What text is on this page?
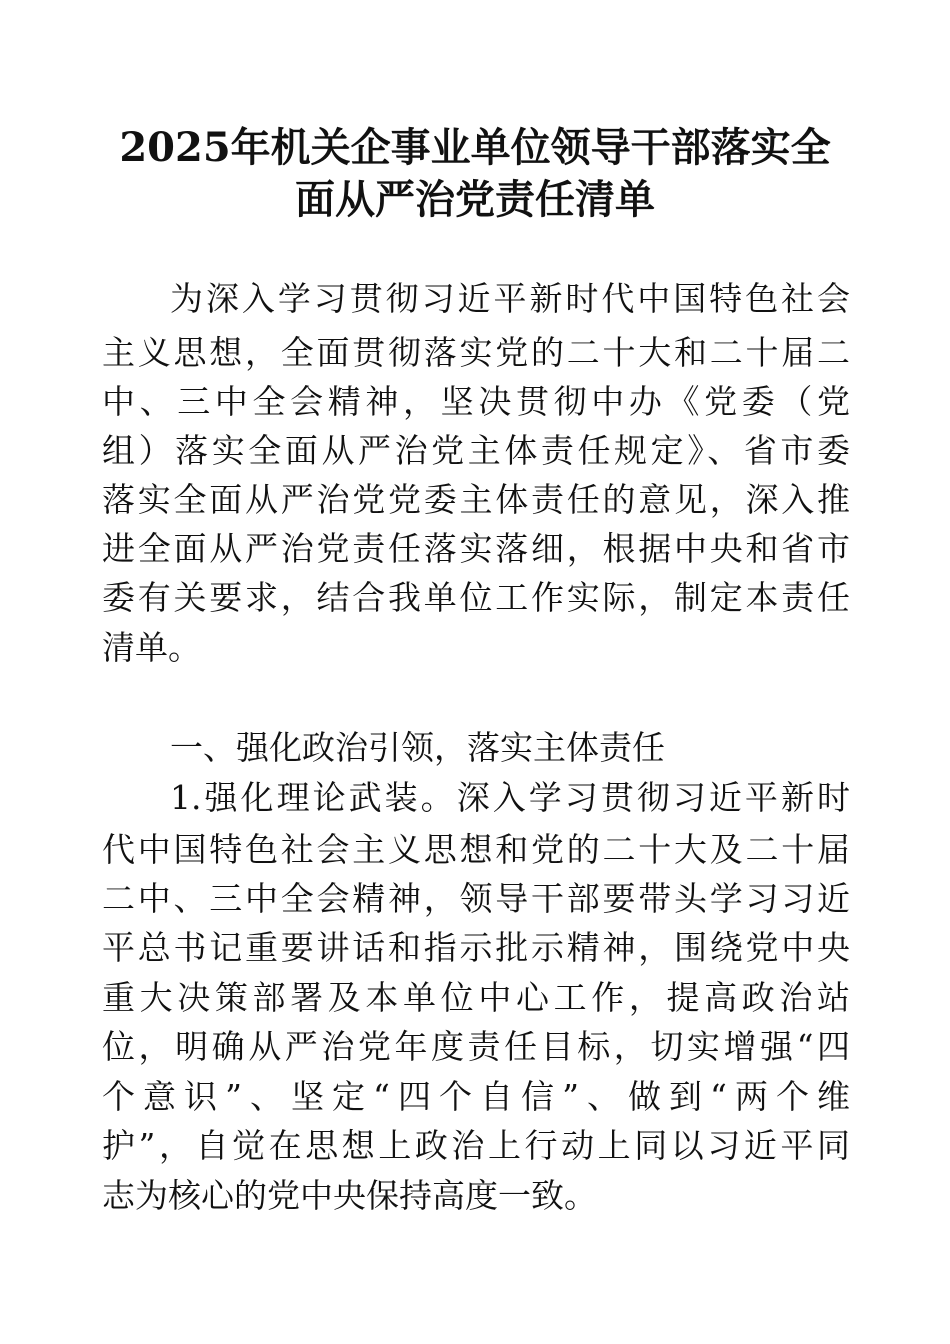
2025年机关企事业单位领导干部落实全
面从严治党责任清单

为深入学习贯彻习近平新时代中国特色社会

主义思想，全面贯彻落实党的二十大和二十届二

中、三中全会精神，坚决贯彻中办《党委（党

组）落实全面从严治党主体责任规定》、省市委

落实全面从严治党党委主体责任的意见，深入推

进全面从严治党责任落实落细，根据中央和省市

委有关要求，结合我单位工作实际，制定本责任

清单。

一、强化政治引领，落实主体责任

1.强化理论武装。深入学习贯彻习近平新时

代中国特色社会主义思想和党的二十大及二十届

二中、三中全会精神，领导干部要带头学习习近

平总书记重要讲话和指示批示精神，围绕党中央

重大决策部署及本单位中心工作，提高政治站

位，明确从严治党年度责任目标，切实增强“四

个意识”、坚定“四个自信”、做到“两个维

护”，自觉在思想上政治上行动上同以习近平同

志为核心的党中央保持高度一致。
